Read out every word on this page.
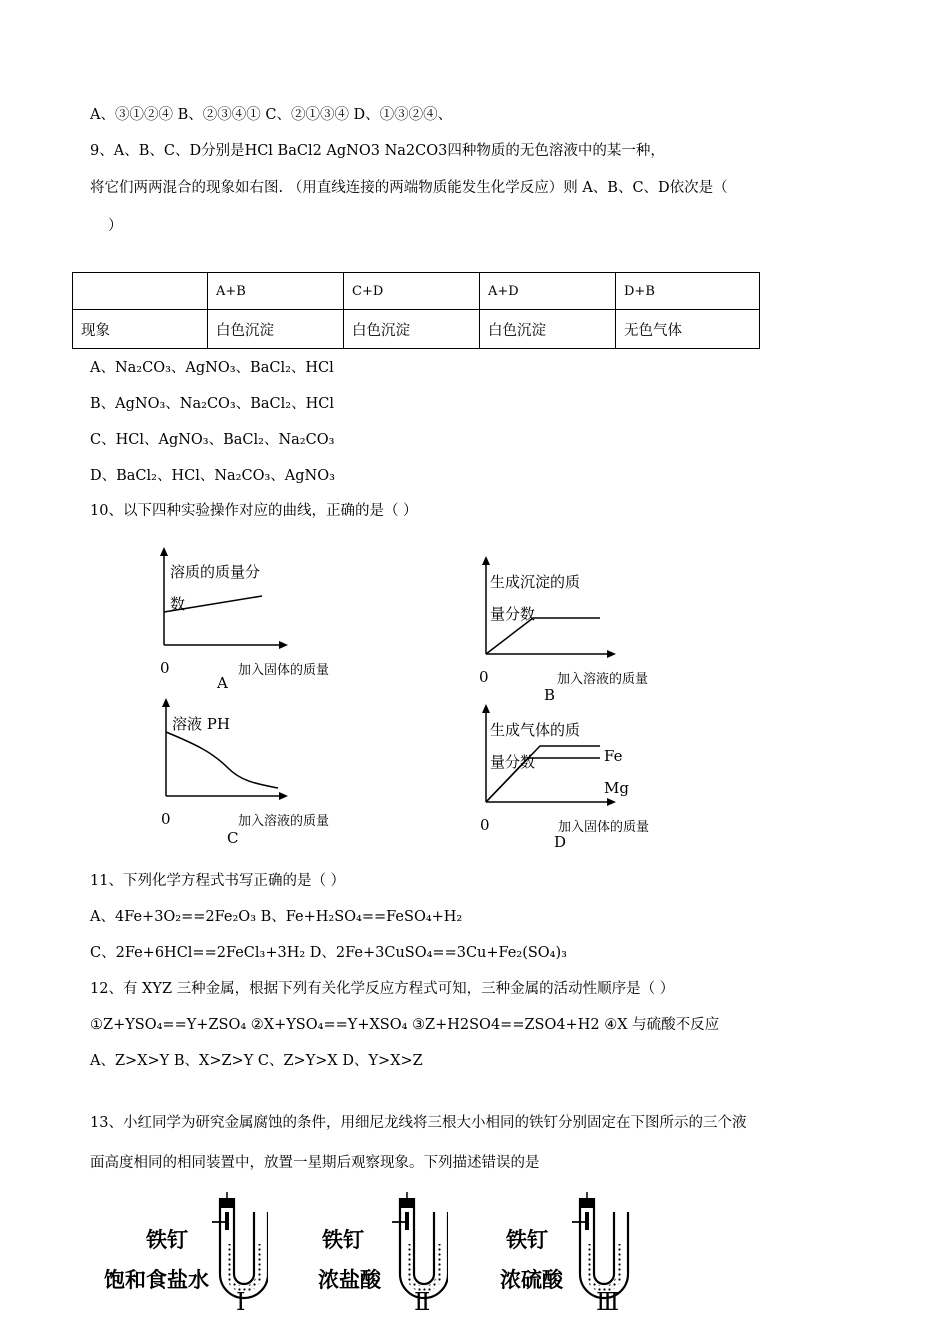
A、③①②④ B、②③④① C、②①③④ D、①③②④、
9、A、B、C、D分别是HCl BaCl2 AgNO3 Na2CO3四种物质的无色溶液中的某一种，
将它们两两混合的现象如右图. （用直线连接的两端物质能发生化学反应）则 A、B、C、D依次是（
）
	A+B	C+D	A+D	D+B
现象	白色沉淀	白色沉淀	白色沉淀	无色气体
A、Na₂CO₃、AgNO₃、BaCl₂、HCl
B、AgNO₃、Na₂CO₃、BaCl₂、HCl
C、HCl、AgNO₃、BaCl₂、Na₂CO₃
D、BaCl₂、HCl、Na₂CO₃、AgNO₃
10、以下四种实验操作对应的曲线，正确的是（ ）
溶质的质量分
数
0	加入固体的质量
A
生成沉淀的质
量分数
0	加入溶液的质量
B
溶液 PH
0	加入溶液的质量
C
生成气体的质
量分数	Fe
Mg
0	加入固体的质量
D
11、下列化学方程式书写正确的是（ ）
A、4Fe+3O₂==2Fe₂O₃ B、Fe+H₂SO₄==FeSO₄+H₂
C、2Fe+6HCl==2FeCl₃+3H₂ D、2Fe+3CuSO₄==3Cu+Fe₂(SO₄)₃
12、有 XYZ 三种金属，根据下列有关化学反应方程式可知，三种金属的活动性顺序是（ ）
①Z+YSO₄==Y+ZSO₄ ②X+YSO₄==Y+XSO₄ ③Z+H2SO4==ZSO4+H2 ④X 与硫酸不反应
A、Z>X>Y B、X>Z>Y C、Z>Y>X D、Y>X>Z
13、小红同学为研究金属腐蚀的条件，用细尼龙线将三根大小相同的铁钉分别固定在下图所示的三个液
面高度相同的相同装置中，放置一星期后观察现象。下列描述错误的是
铁钉
饱和食盐水
Ⅰ
铁钉
浓盐酸
Ⅱ
铁钉
浓硫酸
Ⅲ
